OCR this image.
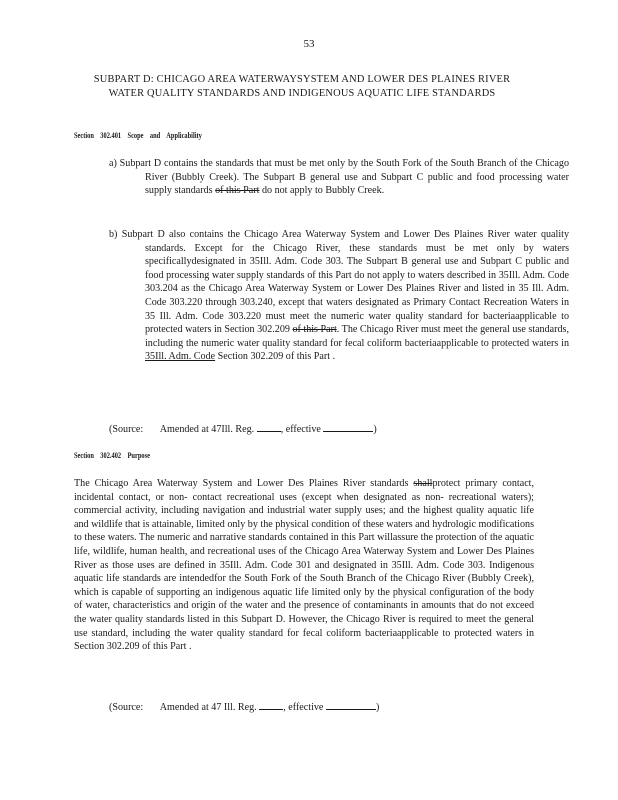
53
SUBPART D: CHICAGO AREA WATERWAYSYSTEM AND LOWER DES PLAINES RIVER WATER QUALITY STANDARDS AND INDIGENOUS AQUATIC LIFE STANDARDS
Section 302.401 Scope and Applicability
a) Subpart D contains the standards that must be met only by the South Fork of the South Branch of the Chicago River (Bubbly Creek). The Subpart B general use and Subpart C public and food processing water supply standards of this Part do not apply to Bubbly Creek.
b) Subpart D also contains the Chicago Area Waterway System and Lower Des Plaines River water quality standards. Except for the Chicago River, these standards must be met only by waters specificallydesignated in 35Ill. Adm. Code 303. The Subpart B general use and Subpart C public and food processing water supply standards of this Part do not apply to waters described in 35Ill. Adm. Code 303.204 as the Chicago Area Waterway System or Lower Des Plaines River and listed in 35 Ill. Adm. Code 303.220 through 303.240, except that waters designated as Primary Contact Recreation Waters in 35 Ill. Adm. Code 303.220 must meet the numeric water quality standard for bacteriaapplicable to protected waters in Section 302.209 of this Part. The Chicago River must meet the general use standards, including the numeric water quality standard for fecal coliform bacteriaapplicable to protected waters in 35Ill. Adm. Code Section 302.209 of this Part .
(Source: Amended at 47Ill. Reg.	, effective	)
Section 302.402 Purpose
The Chicago Area Waterway System and Lower Des Plaines River standards shallprotect primary contact, incidental contact, or non- contact recreational uses (except when designated as non- recreational waters); commercial activity, including navigation and industrial water supply uses; and the highest quality aquatic life and wildlife that is attainable, limited only by the physical condition of these waters and hydrologic modifications to these waters. The numeric and narrative standards contained in this Part willassure the protection of the aquatic life, wildlife, human health, and recreational uses of the Chicago Area Waterway System and Lower Des Plaines River as those uses are defined in 35Ill. Adm. Code 301 and designated in 35Ill. Adm. Code 303. Indigenous aquatic life standards are intendedfor the South Fork of the South Branch of the Chicago River (Bubbly Creek), which is capable of supporting an indigenous aquatic life limited only by the physical configuration of the body of water, characteristics and origin of the water and the presence of contaminants in amounts that do not exceed the water quality standards listed in this Subpart D. However, the Chicago River is required to meet the general use standard, including the water quality standard for fecal coliform bacteriaapplicable to protected waters in Section 302.209 of this Part .
(Source: Amended at 47 Ill. Reg.	, effective	)
